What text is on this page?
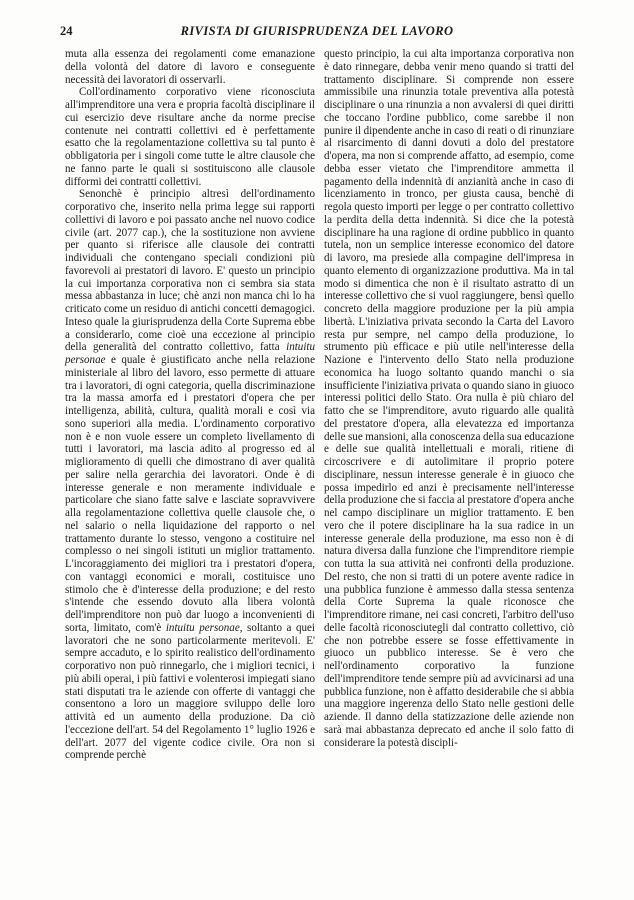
24	RIVISTA DI GIURISPRUDENZA DEL LAVORO

muta alla essenza dei regolamenti come emanazione della volontà del datore di lavoro e conseguente necessità dei lavoratori di osservarli.

Coll'ordinamento corporativo viene riconosciuta all'imprenditore una vera e propria facoltà disciplinare il cui esercizio deve risultare anche da norme precise contenute nei contratti collettivi ed è perfettamente esatto che la regolamentazione collettiva su tal punto è obbligatoria per i singoli come tutte le altre clausole che ne fanno parte le quali si sostituiscono alle clausole difformi dei contratti collettivi.

Senonchè è principio altresì dell'ordinamento corporativo che, inserito nella prima legge sui rapporti collettivi di lavoro e poi passato anche nel nuovo codice civile (art. 2077 cap.), che la sostituzione non avviene per quanto si riferisce alle clausole dei contratti individuali che contengano speciali condizioni più favorevoli ai prestatori di lavoro. E' questo un principio la cui importanza corporativa non ci sembra sia stata messa abbastanza in luce; chè anzi non manca chi lo ha criticato come un residuo di antichi concetti demagogici. Inteso quale la giurisprudenza della Corte Suprema ebbe a considerarlo, come cioè una eccezione al principio della generalità del contratto collettivo, fatta intuitu personae e quale è giustificato anche nella relazione ministeriale al libro del lavoro, esso permette di attuare tra i lavoratori, di ogni categoria, quella discriminazione tra la massa amorfa ed i prestatori d'opera che per intelligenza, abilità, cultura, qualità morali e così via sono superiori alla media. L'ordinamento corporativo non è e non vuole essere un completo livellamento di tutti i lavoratori, ma lascia adito al progresso ed al miglioramento di quelli che dimostrano di aver qualità per salire nella gerarchia dei lavoratori. Onde è di interesse generale e non meramente individuale e particolare che siano fatte salve e lasciate sopravvivere alla regolamentazione collettiva quelle clausole che, o nel salario o nella liquidazione del rapporto o nel trattamento durante lo stesso, vengono a costituire nel complesso o nei singoli istituti un miglior trattamento. L'incoraggiamento dei migliori tra i prestatori d'opera, con vantaggi economici e morali, costituisce uno stimolo che è d'interesse della produzione; e del resto s'intende che essendo dovuto alla libera volontà dell'imprenditore non può dar luogo a inconvenienti di sorta, limitato, com'è intuitu personae, soltanto a quei lavoratori che ne sono particolarmente meritevoli. E' sempre accaduto, e lo spirito realistico dell'ordinamento corporativo non può rinnegarlo, che i migliori tecnici, i più abili operai, i più fattivi e volenterosi impiegati siano stati disputati tra le aziende con offerte di vantaggi che consentono a loro un maggiore sviluppo delle loro attività ed un aumento della produzione. Da ciò l'eccezione dell'art. 54 del Regolamento 1° luglio 1926 e dell'art. 2077 del vigente codice civile. Ora non si comprende perchè

questo principio, la cui alta importanza corporativa non è dato rinnegare, debba venir meno quando si tratti del trattamento disciplinare. Si comprende non essere ammissibile una rinunzia totale preventiva alla potestà disciplinare o una rinunzia a non avvalersi di quei diritti che toccano l'ordine pubblico, come sarebbe il non punire il dipendente anche in caso di reati o di rinunziare al risarcimento di danni dovuti a dolo del prestatore d'opera, ma non si comprende affatto, ad esempio, come debba esser vietato che l'imprenditore ammetta il pagamento della indennità di anzianità anche in caso di licenziamento in tronco, per giusta causa, benchè di regola questo importi per legge o per contratto collettivo la perdita della detta indennità. Si dice che la potestà disciplinare ha una ragione di ordine pubblico in quanto tutela, non un semplice interesse economico del datore di lavoro, ma presiede alla compagine dell'impresa in quanto elemento di organizzazione produttiva. Ma in tal modo si dimentica che non è il risultato astratto di un interesse collettivo che si vuol raggiungere, bensì quello concreto della maggiore produzione per la più ampia libertà. L'iniziativa privata secondo la Carta del Lavoro resta pur sempre, nel campo della produzione, lo strumento più efficace e più utile nell'interesse della Nazione e l'intervento dello Stato nella produzione economica ha luogo soltanto quando manchi o sia insufficiente l'iniziativa privata o quando siano in giuoco interessi politici dello Stato. Ora nulla è più chiaro del fatto che se l'imprenditore, avuto riguardo alle qualità del prestatore d'opera, alla elevatezza ed importanza delle sue mansioni, alla conoscenza della sua educazione e delle sue qualità intellettuali e morali, ritiene di circoscrivere e di autolimitare il proprio potere disciplinare, nessun interesse generale è in giuoco che possa impedirlo ed anzi è precisamente nell'interesse della produzione che si faccia al prestatore d'opera anche nel campo disciplinare un miglior trattamento. E ben vero che il potere disciplinare ha la sua radice in un interesse generale della produzione, ma esso non è di natura diversa dalla funzione che l'imprenditore riempie con tutta la sua attività nei confronti della produzione. Del resto, che non si tratti di un potere avente radice in una pubblica funzione è ammesso dalla stessa sentenza della Corte Suprema la quale riconosce che l'imprenditore rimane, nei casi concreti, l'arbitro dell'uso delle facoltà riconosciutegli dal contratto collettivo, ciò che non potrebbe essere se fosse effettivamente in giuoco un pubblico interesse. Se è vero che nell'ordinamento corporativo la funzione dell'imprenditore tende sempre più ad avvicinarsi ad una pubblica funzione, non è affatto desiderabile che si abbia una maggiore ingerenza dello Stato nelle gestioni delle aziende. Il danno della statizzazione delle aziende non sarà mai abbastanza deprecato ed anche il solo fatto di considerare la potestà discipli-
